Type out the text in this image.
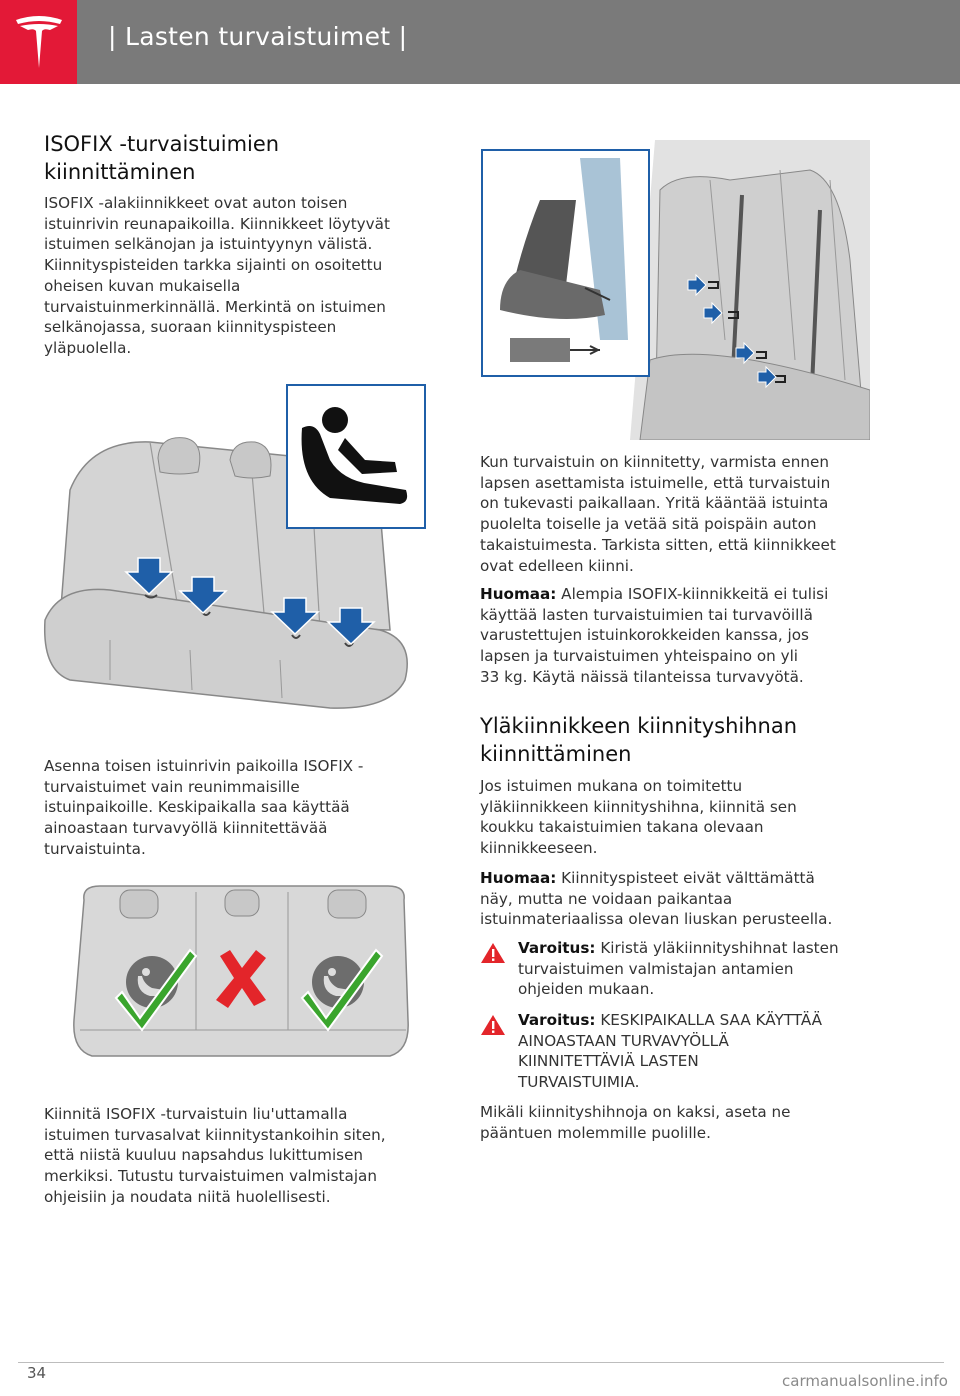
| Lasten turvaistuimet |
ISOFIX -turvaistuimien
kiinnittäminen
ISOFIX -alakiinnikkeet ovat auton toisen
istuinrivin reunapaikoilla. Kiinnikkeet löytyvät
istuimen selkänojan ja istuintyynyn välistä.
Kiinnityspisteiden tarkka sijainti on osoitettu
oheisen kuvan mukaisella
turvaistuinmerkinnällä. Merkintä on istuimen
selkänojassa, suoraan kiinnityspisteen
yläpuolella.
Asenna toisen istuinrivin paikoilla ISOFIX -
turvaistuimet vain reunimmaisille
istuinpaikoille. Keskipaikalla saa käyttää
ainoastaan turvavyöllä kiinnitettävää
turvaistuinta.
Kiinnitä ISOFIX -turvaistuin liu'uttamalla
istuimen turvasalvat kiinnitystankoihin siten,
että niistä kuuluu napsahdus lukittumisen
merkiksi. Tutustu turvaistuimen valmistajan
ohjeisiin ja noudata niitä huolellisesti.
Kun turvaistuin on kiinnitetty, varmista ennen
lapsen asettamista istuimelle, että turvaistuin
on tukevasti paikallaan. Yritä kääntää istuinta
puolelta toiselle ja vetää sitä poispäin auton
takaistuimesta. Tarkista sitten, että kiinnikkeet
ovat edelleen kiinni.
Huomaa: Alempia ISOFIX-kiinnikkeitä ei tulisi
käyttää lasten turvaistuimien tai turvavöillä
varustettujen istuinkorokkeiden kanssa, jos
lapsen ja turvaistuimen yhteispaino on yli
33 kg. Käytä näissä tilanteissa turvavyötä.
Yläkiinnikkeen kiinnityshihnan
kiinnittäminen
Jos istuimen mukana on toimitettu
yläkiinnikkeen kiinnityshihna, kiinnitä sen
koukku takaistuimien takana olevaan
kiinnikkeeseen.
Huomaa: Kiinnityspisteet eivät välttämättä
näy, mutta ne voidaan paikantaa
istuinmateriaalissa olevan liuskan perusteella.
Varoitus: Kiristä yläkiinnityshihnat lasten
turvaistuimen valmistajan antamien
ohjeiden mukaan.
Varoitus: KESKIPAIKALLA SAA KÄYTTÄÄ
AINOASTAAN TURVAVYÖLLÄ
KIINNITETTÄVIÄ LASTEN
TURVAISTUIMIA.
Mikäli kiinnityshihnoja on kaksi, aseta ne
pääntuen molemmille puolille.
34	carmanualsonline.info
